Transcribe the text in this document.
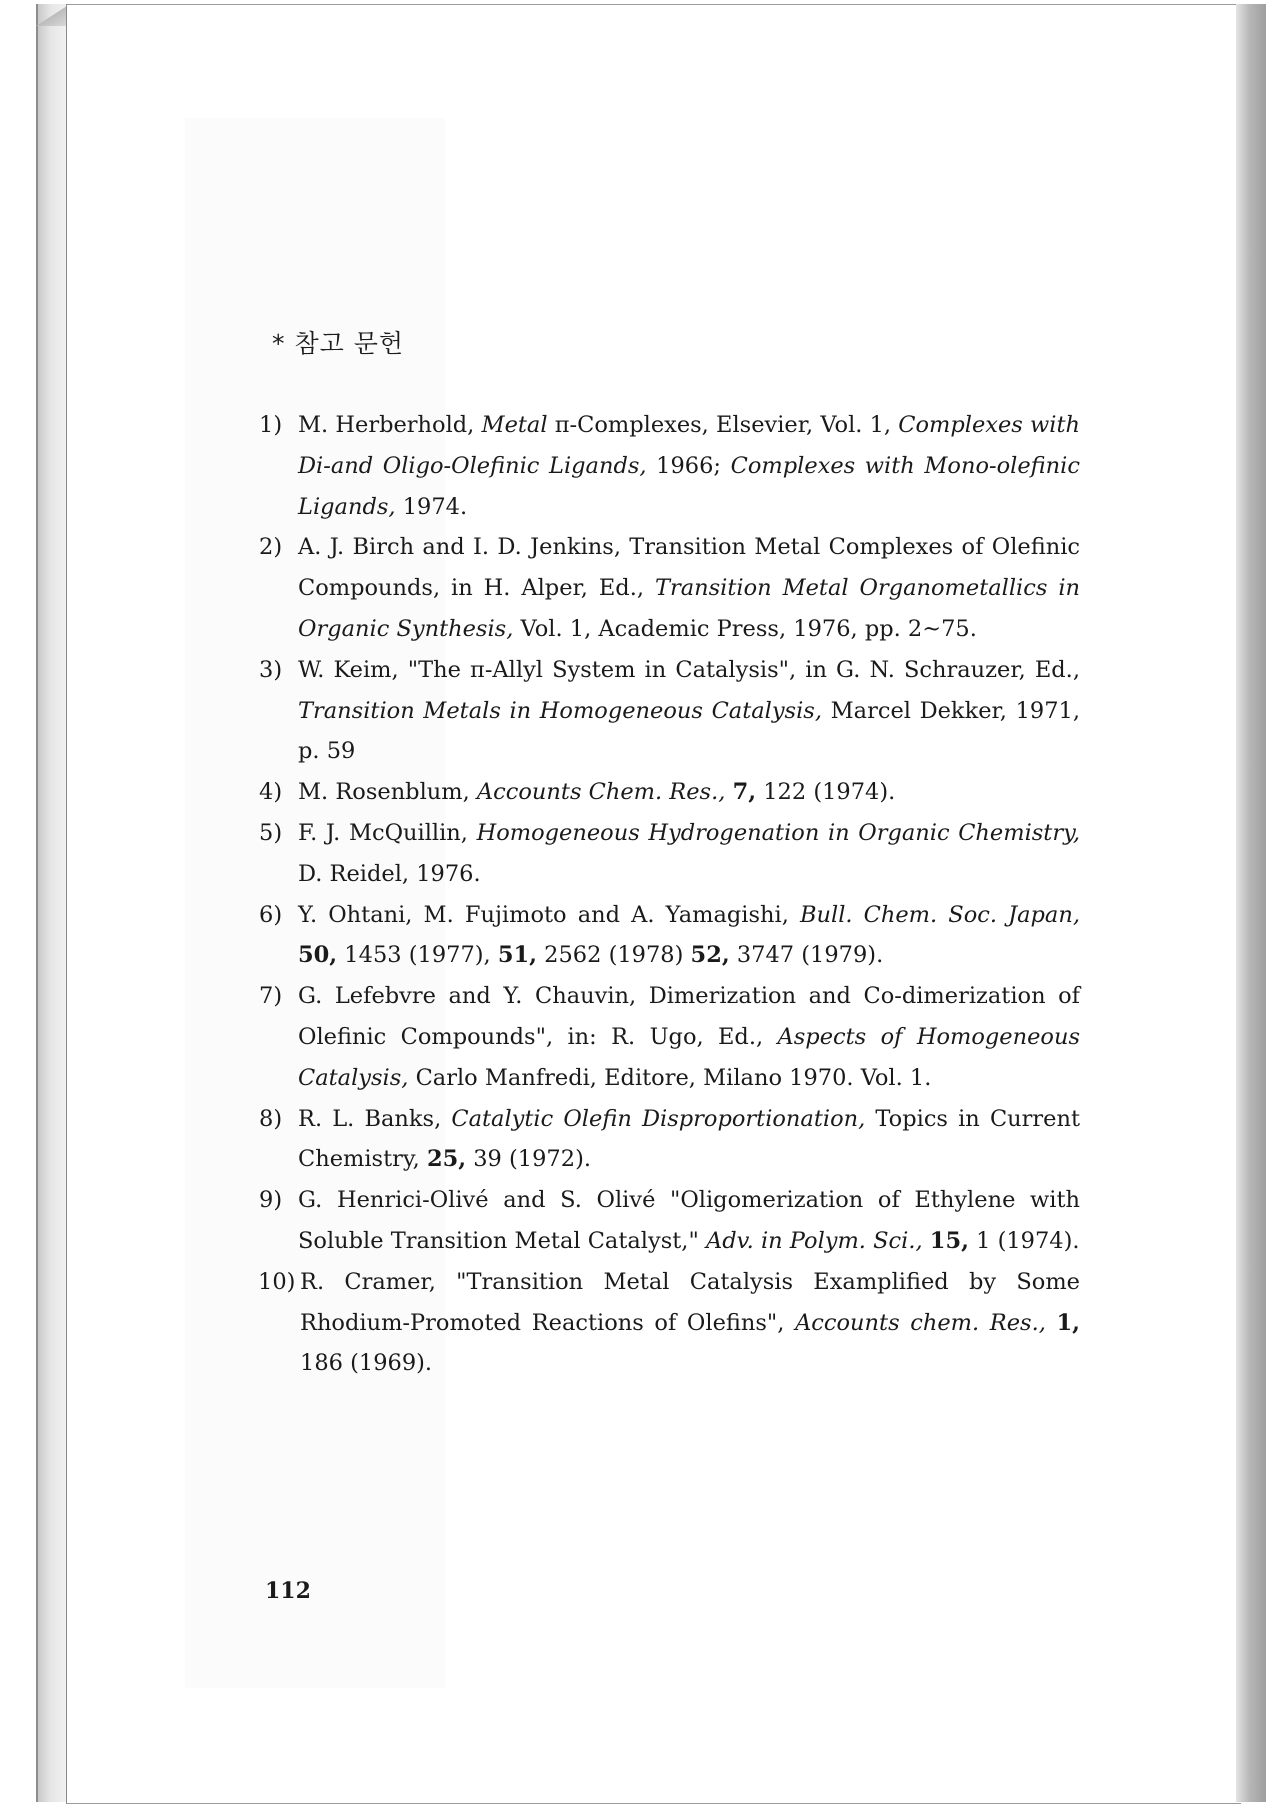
* 참고 문헌

1) M. Herberhold, Metal π-Complexes, Elsevier, Vol. 1, Complexes with Di-and Oligo-Olefinic Ligands, 1966; Complexes with Mono-olefinic Ligands, 1974.

2) A. J. Birch and I. D. Jenkins, Transition Metal Complexes of Olefinic Compounds, in H. Alper, Ed., Transition Metal Organometallics in Organic Synthesis, Vol. 1, Academic Press, 1976, pp. 2~75.

3) W. Keim, "The π-Allyl System in Catalysis", in G. N. Schrauzer, Ed., Transition Metals in Homogeneous Catalysis, Marcel Dekker, 1971, p. 59

4) M. Rosenblum, Accounts Chem. Res., 7, 122 (1974).

5) F. J. McQuillin, Homogeneous Hydrogenation in Organic Chemistry, D. Reidel, 1976.

6) Y. Ohtani, M. Fujimoto and A. Yamagishi, Bull. Chem. Soc. Japan, 50, 1453 (1977), 51, 2562 (1978) 52, 3747 (1979).

7) G. Lefebvre and Y. Chauvin, Dimerization and Co-dimerization of Olefinic Compounds", in: R. Ugo, Ed., Aspects of Homogeneous Catalysis, Carlo Manfredi, Editore, Milano 1970. Vol. 1.

8) R. L. Banks, Catalytic Olefin Disproportionation, Topics in Current Chemistry, 25, 39 (1972).

9) G. Henrici-Olivé and S. Olivé "Oligomerization of Ethylene with Soluble Transition Metal Catalyst," Adv. in Polym. Sci., 15, 1 (1974).

10) R. Cramer, "Transition Metal Catalysis Examplified by Some Rhodium-Promoted Reactions of Olefins", Accounts chem. Res., 1, 186 (1969).

112
